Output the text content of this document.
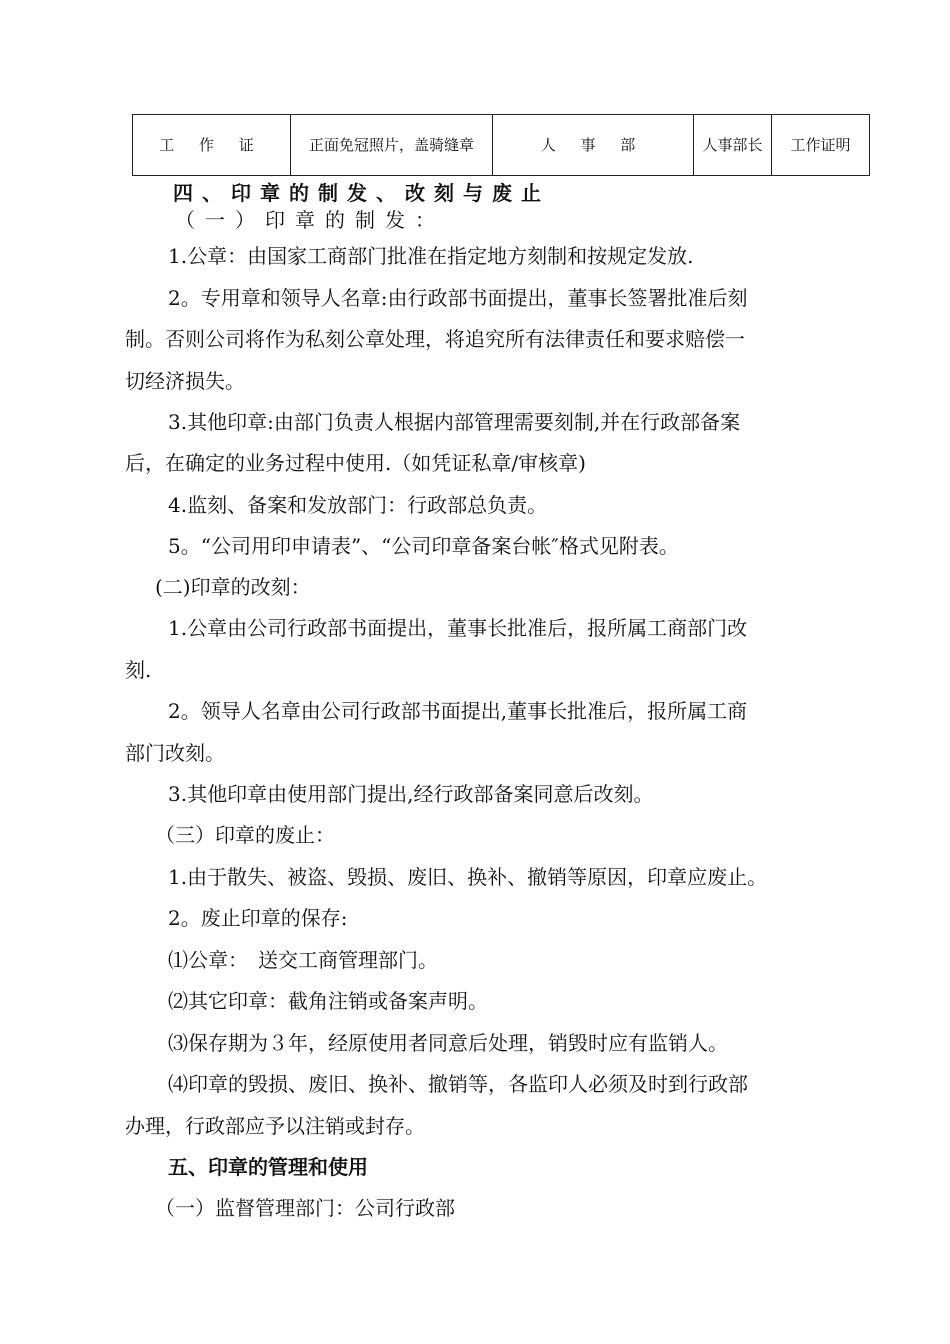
工 作 证	正面免冠照片，盖骑缝章	人 事 部	人事部长	工作证明
四、印章的制发、改刻与废止
（一）印章的制发：
1.公章：由国家工商部门批准在指定地方刻制和按规定发放.
2。专用章和领导人名章:由行政部书面提出，董事长签署批准后刻
制。否则公司将作为私刻公章处理，将追究所有法律责任和要求赔偿一
切经济损失。
3.其他印章:由部门负责人根据内部管理需要刻制,并在行政部备案
后，在确定的业务过程中使用.（如凭证私章/审核章)
4.监刻、备案和发放部门：行政部总负责。
5。“公司用印申请表”、“公司印章备案台帐″格式见附表。
(二)印章的改刻：
1.公章由公司行政部书面提出，董事长批准后，报所属工商部门改
刻.
2。领导人名章由公司行政部书面提出,董事长批准后，报所属工商
部门改刻。
3.其他印章由使用部门提出,经行政部备案同意后改刻。
（三）印章的废止：
1.由于散失、被盗、毁损、废旧、换补、撤销等原因，印章应废止。
2。废止印章的保存:
⑴公章：　送交工商管理部门。
⑵其它印章：截角注销或备案声明。
⑶保存期为３年，经原使用者同意后处理，销毁时应有监销人。
⑷印章的毁损、废旧、换补、撤销等，各监印人必须及时到行政部
办理，行政部应予以注销或封存。
五、印章的管理和使用
（一）监督管理部门：公司行政部
